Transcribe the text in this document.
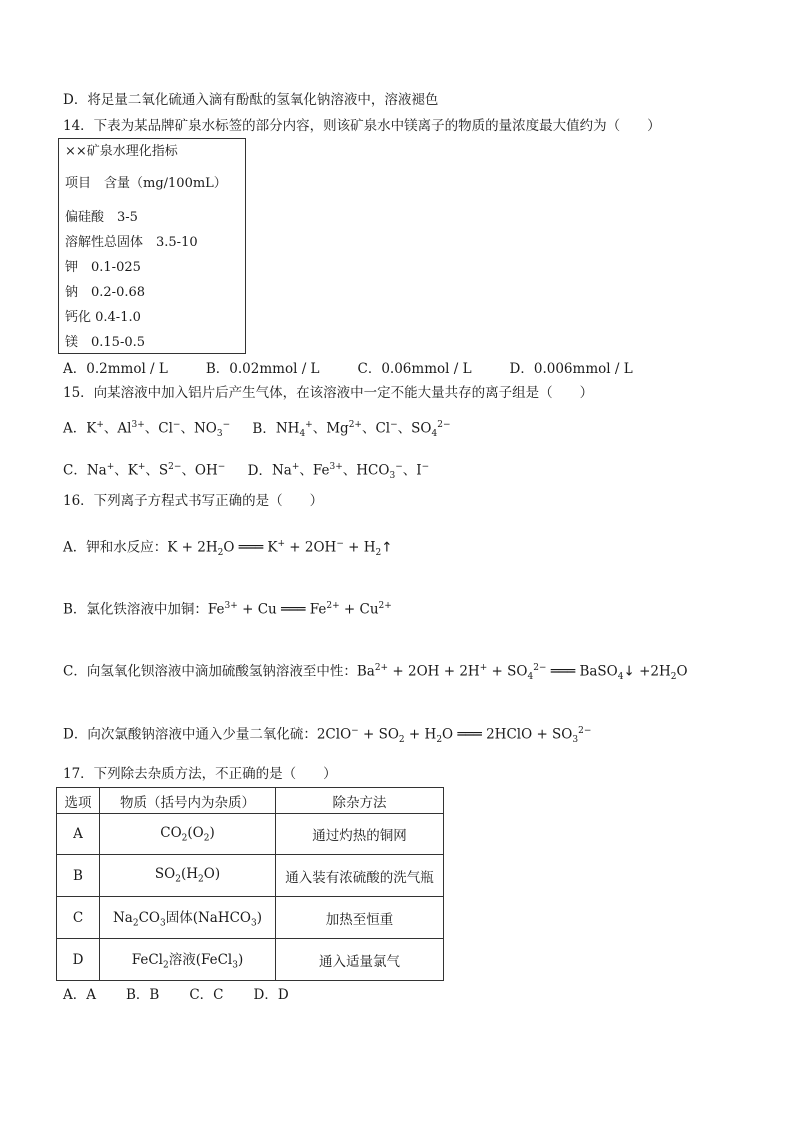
D．将足量二氧化硫通入滴有酚酞的氢氧化钠溶液中，溶液褪色
14．下表为某品牌矿泉水标签的部分内容，则该矿泉水中镁离子的物质的量浓度最大值约为（　　）
××矿泉水理化指标
项目　含量（mg/100mL）
偏硅酸　3-5
溶解性总固体　3.5-10
钾　0.1-025
钠　0.2-0.68
钙化 0.4-1.0
镁　0.15-0.5
A．0.2mmol / L	B．0.02mmol / L	C．0.06mmol / L	D．0.006mmol / L
15．向某溶液中加入铝片后产生气体，在该溶液中一定不能大量共存的离子组是（　　）
A．K+、$Al^{3+}$、Cl−、$NO_3^-$ B．$NH_4^+$、$Mg^{2+}$、Cl−、$SO_4^{2-}$
C．Na+、K+、$S^{2-}$、OH− D．Na+、$Fe^{3+}$、$HCO_3^-$、I−
16．下列离子方程式书写正确的是（　　）
A．钾和水反应：$K + 2H_2O$ ═══ $K^+ + 2OH^- + H_2↑$
B．氯化铁溶液中加铜：$Fe^{3+} + Cu$ ═══ $Fe^{2+} + Cu^{2+}$
C．向氢氧化钡溶液中滴加硫酸氢钠溶液至中性：$Ba^{2+} + 2OH + 2H^+ + SO_4^{2-}$ ═══ BaSO$_4$↓ $+2H_2O$
D．向次氯酸钠溶液中通入少量二氧化硫：$2ClO^- + SO_2 + H_2O$ ═══ 2HClO + $SO_3^{2-}$
17．下列除去杂质方法，不正确的是（　　）
选项	物质（括号内为杂质）	除杂方法
A	$CO_2(O_2)$	通过灼热的铜网
B	$SO_2(H_2O)$	通入装有浓硫酸的洗气瓶
C	$Na_2CO_3$固体(NaHCO$_3$)	加热至恒重
D	FeCl$_2$溶液(FeCl$_3$)	通入适量氯气
A．A B．B C．C D．D
